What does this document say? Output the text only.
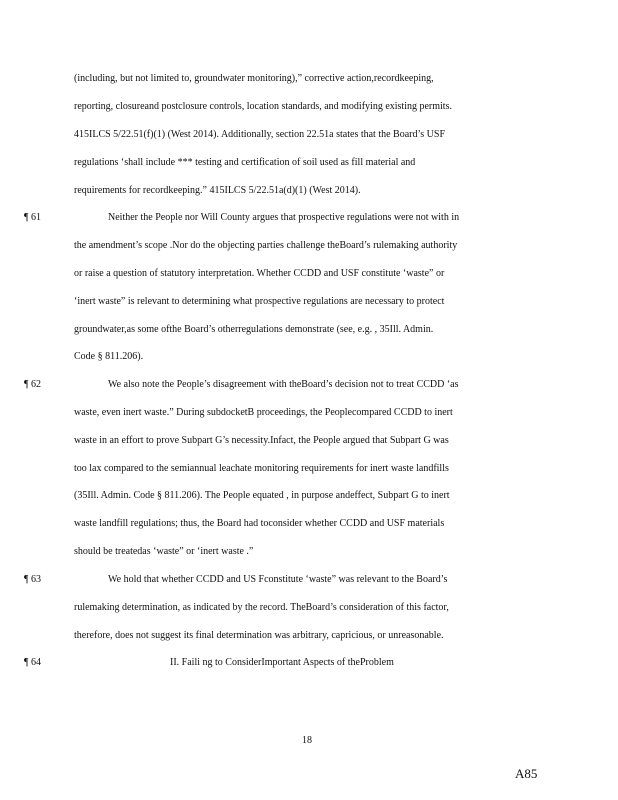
(including, but not limited to, groundwater monitoring),” corrective action,recordkeeping,
reporting, closureand postclosure controls, location standards, and modifying existing permits.
415ILCS 5/22.51(f)(1) (West 2014). Additionally, section 22.51a states that the Board’s USF
regulations ‘shall include *** testing and certification of soil used as fill material and
requirements for recordkeeping.” 415ILCS 5/22.51a(d)(1) (West 2014).
¶ 61	Neither the People nor Will County argues that prospective regulations were not with in
the amendment’s scope .Nor do the objecting parties challenge theBoard’s rulemaking authority
or raise a question of statutory interpretation. Whether CCDD and USF constitute ‘waste” or
‘inert waste” is relevant to determining what prospective regulations are necessary to protect
groundwater,as some ofthe Board’s otherregulations demonstrate (see, e.g. , 35Ill. Admin.
Code § 811.206).
¶ 62	We also note the People’s disagreement with theBoard’s decision not to treat CCDD ‘as
waste, even inert waste.” During subdocketB proceedings, the Peoplecompared CCDD to inert
waste in an effort to prove Subpart G’s necessity.Infact, the People argued that Subpart G was
too lax compared to the semiannual leachate monitoring requirements for inert waste landfills
(35Ill. Admin. Code § 811.206). The People equated , in purpose andeffect, Subpart G to inert
waste landfill regulations; thus, the Board had toconsider whether CCDD and USF materials
should be treatedas ‘waste” or ‘inert waste .”
¶ 63	We hold that whether CCDD and US Fconstitute ‘waste” was relevant to the Board’s
rulemaking determination, as indicated by the record. TheBoard’s consideration of this factor,
therefore, does not suggest its final determination was arbitrary, capricious, or unreasonable.
¶ 64	II. Faili ng to ConsiderImportant Aspects of theProblem
18
A85
